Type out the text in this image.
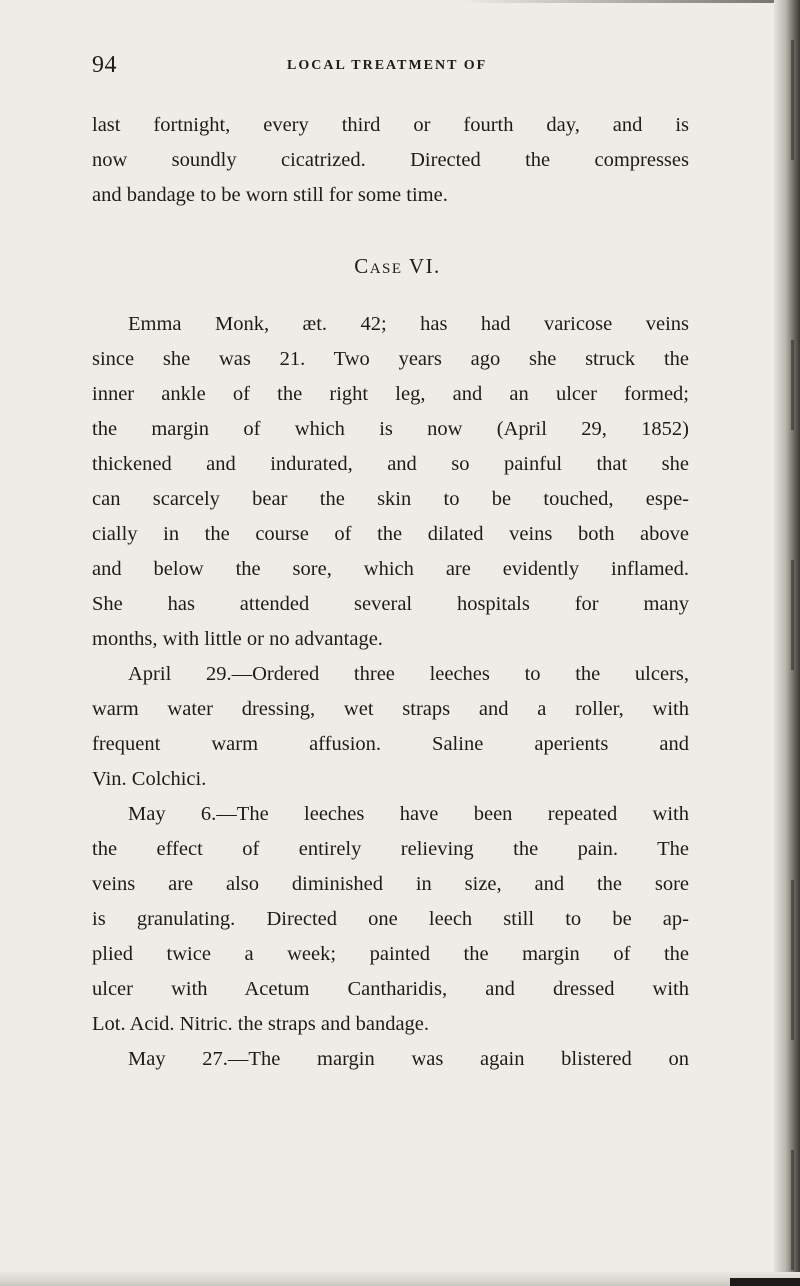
94	LOCAL TREATMENT OF
last fortnight, every third or fourth day, and is
now soundly cicatrized. Directed the compresses
and bandage to be worn still for some time.
Case VI.
Emma Monk, æt. 42; has had varicose veins
since she was 21. Two years ago she struck the
inner ankle of the right leg, and an ulcer formed;
the margin of which is now (April 29, 1852)
thickened and indurated, and so painful that she
can scarcely bear the skin to be touched, espe-
cially in the course of the dilated veins both above
and below the sore, which are evidently inflamed.
She has attended several hospitals for many
months, with little or no advantage.
April 29.—Ordered three leeches to the ulcers,
warm water dressing, wet straps and a roller, with
frequent warm affusion. Saline aperients and
Vin. Colchici.
May 6.—The leeches have been repeated with
the effect of entirely relieving the pain. The
veins are also diminished in size, and the sore
is granulating. Directed one leech still to be ap-
plied twice a week; painted the margin of the
ulcer with Acetum Cantharidis, and dressed with
Lot. Acid. Nitric. the straps and bandage.
May 27.—The margin was again blistered on
